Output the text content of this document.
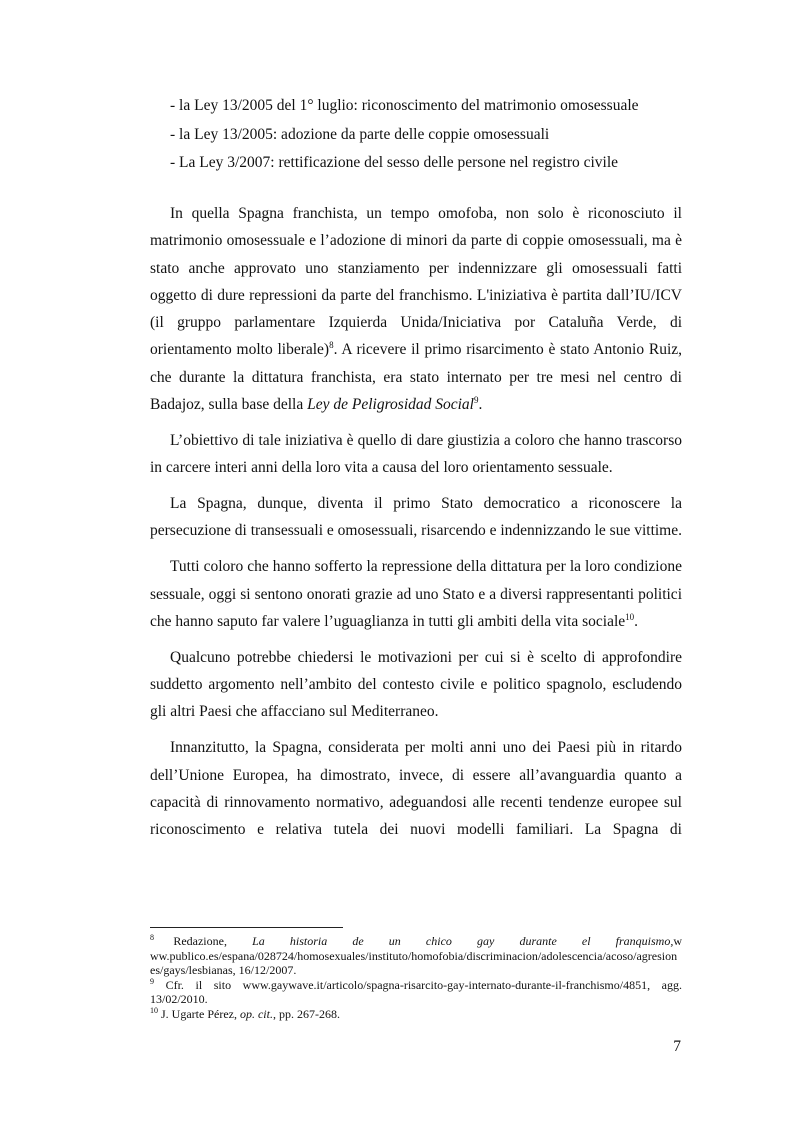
- la Ley 13/2005 del 1° luglio: riconoscimento del matrimonio omosessuale
- la Ley 13/2005: adozione da parte delle coppie omosessuali
- La Ley 3/2007: rettificazione del sesso delle persone nel registro civile

In quella Spagna franchista, un tempo omofoba, non solo è riconosciuto il matrimonio omosessuale e l’adozione di minori da parte di coppie omosessuali, ma è stato anche approvato uno stanziamento per indennizzare gli omosessuali fatti oggetto di dure repressioni da parte del franchismo. L'iniziativa è partita dall’IU/ICV (il gruppo parlamentare Izquierda Unida/Iniciativa por Cataluña Verde, di orientamento molto liberale)$^8$. A ricevere il primo risarcimento è stato Antonio Ruiz, che durante la dittatura franchista, era stato internato per tre mesi nel centro di Badajoz, sulla base della Ley de Peligrosidad Social$^9$.

L’obiettivo di tale iniziativa è quello di dare giustizia a coloro che hanno trascorso in carcere interi anni della loro vita a causa del loro orientamento sessuale.

La Spagna, dunque, diventa il primo Stato democratico a riconoscere la persecuzione di transessuali e omosessuali, risarcendo e indennizzando le sue vittime.

Tutti coloro che hanno sofferto la repressione della dittatura per la loro condizione sessuale, oggi si sentono onorati grazie ad uno Stato e a diversi rappresentanti politici che hanno saputo far valere l’uguaglianza in tutti gli ambiti della vita sociale$^{10}$.

Qualcuno potrebbe chiedersi le motivazioni per cui si è scelto di approfondire suddetto argomento nell’ambito del contesto civile e politico spagnolo, escludendo gli altri Paesi che affacciano sul Mediterraneo.

Innanzitutto, la Spagna, considerata per molti anni uno dei Paesi più in ritardo dell’Unione Europea, ha dimostrato, invece, di essere all’avanguardia quanto a capacità di rinnovamento normativo, adeguandosi alle recenti tendenze europee sul riconoscimento e relativa tutela dei nuovi modelli familiari. La Spagna di

$^8$ Redazione, La historia de un chico gay durante el franquismo,www.publico.es/espana/028724/homosexuales/instituto/homofobia/discriminacion/adolescencia/acoso/agresiones/gays/lesbianas, 16/12/2007.

$^9$ Cfr. il sito www.gaywave.it/articolo/spagna-risarcito-gay-internato-durante-il-franchismo/4851, agg. 13/02/2010.

$^{10}$ J. Ugarte Pérez, op. cit., pp. 267-268.

7
